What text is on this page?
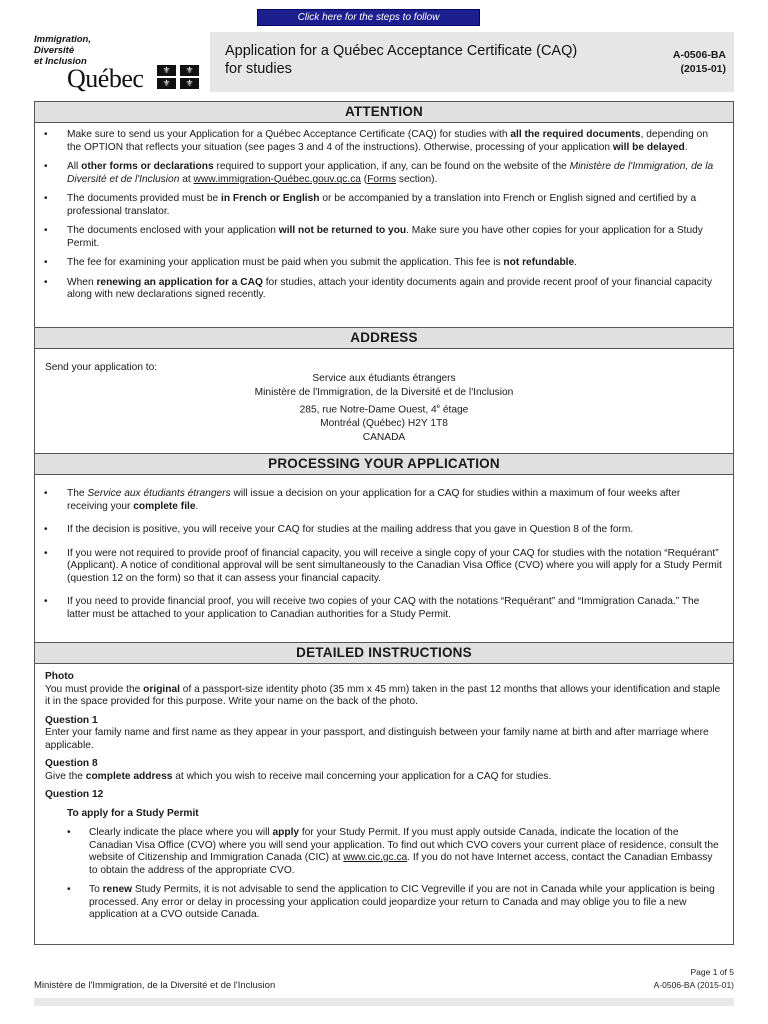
Click here for the steps to follow
Immigration,
Diversité
et Inclusion
Québec	⚜	⚜
⚜	⚜
Application for a Québec Acceptance Certificate (CAQ)
for studies
A-0506-BA
(2015-01)
ATTENTION
• Make sure to send us your Application for a Québec Acceptance Certificate (CAQ) for studies with all the required documents, depending on the OPTION that reflects your situation (see pages 3 and 4 of the instructions). Otherwise, processing of your application will be delayed.
• All other forms or declarations required to support your application, if any, can be found on the website of the Ministère de l'Immigration, de la Diversité et de l'Inclusion at www.immigration-Québec.gouv.qc.ca (Forms section).
• The documents provided must be in French or English or be accompanied by a translation into French or English signed and certified by a professional translator.
• The documents enclosed with your application will not be returned to you. Make sure you have other copies for your application for a Study Permit.
• The fee for examining your application must be paid when you submit the application. This fee is not refundable.
• When renewing an application for a CAQ for studies, attach your identity documents again and provide recent proof of your financial capacity along with new declarations signed recently.
ADDRESS
Send your application to:
Service aux étudiants étrangers
Ministère de l'Immigration, de la Diversité et de l'Inclusion
285, rue Notre-Dame Ouest, 4e étage
Montréal (Québec) H2Y 1T8
CANADA
PROCESSING YOUR APPLICATION
• The Service aux étudiants étrangers will issue a decision on your application for a CAQ for studies within a maximum of four weeks after receiving your complete file.
• If the decision is positive, you will receive your CAQ for studies at the mailing address that you gave in Question 8 of the form.
• If you were not required to provide proof of financial capacity, you will receive a single copy of your CAQ for studies with the notation “Requérant” (Applicant). A notice of conditional approval will be sent simultaneously to the Canadian Visa Office (CVO) where you will apply for a Study Permit (question 12 on the form) so that it can assess your financial capacity.
• If you need to provide financial proof, you will receive two copies of your CAQ with the notations “Requérant” and “Immigration Canada.” The latter must be attached to your application to Canadian authorities for a Study Permit.
DETAILED INSTRUCTIONS
Photo
You must provide the original of a passport-size identity photo (35 mm x 45 mm) taken in the past 12 months that allows your identification and staple it in the space provided for this purpose. Write your name on the back of the photo.
Question 1
Enter your family name and first name as they appear in your passport, and distinguish between your family name at birth and after marriage where applicable.
Question 8
Give the complete address at which you wish to receive mail concerning your application for a CAQ for studies.
Question 12
To apply for a Study Permit
• Clearly indicate the place where you will apply for your Study Permit. If you must apply outside Canada, indicate the location of the Canadian Visa Office (CVO) where you will send your application. To find out which CVO covers your current place of residence, consult the website of Citizenship and Immigration Canada (CIC) at www.cic.gc.ca. If you do not have Internet access, contact the Canadian Embassy to obtain the address of the appropriate CVO.
• To renew Study Permits, it is not advisable to send the application to CIC Vegreville if you are not in Canada while your application is being processed. Any error or delay in processing your application could jeopardize your return to Canada and may oblige you to file a new application at a CVO outside Canada.
Ministère de l'Immigration, de la Diversité et de l'Inclusion
Page 1 of 5
A-0506-BA (2015-01)
